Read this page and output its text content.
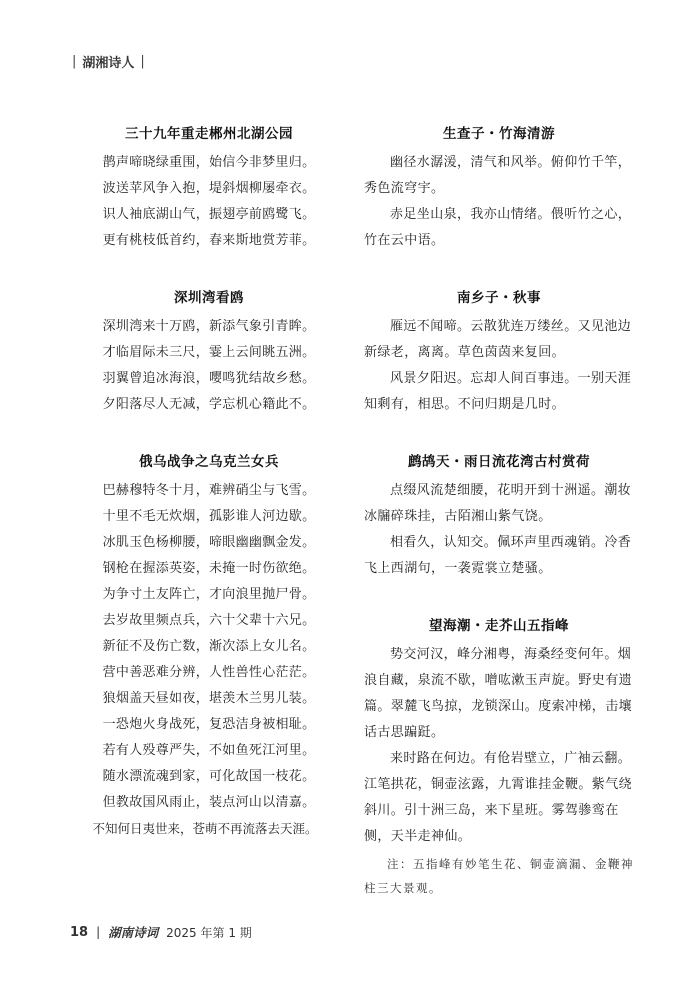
| 湖湘诗人 |
三十九年重走郴州北湖公园
鹊声啼晓绿重围，始信今非梦里归。
波送苹风争入抱，堤斜烟柳屡牵衣。
识人袖底湖山气，振翅亭前鸥鹭飞。
更有桃枝低首约，春来斯地赏芳菲。
深圳湾看鸥
深圳湾来十万鸥，新添气象引青眸。
才临眉际未三尺，霎上云间眺五洲。
羽翼曾追冰海浪，嘤鸣犹结故乡愁。
夕阳落尽人无减，学忘机心籍此不。
俄乌战争之乌克兰女兵
巴赫穆特冬十月，难辨硝尘与飞雪。
十里不毛无炊烟，孤影谁人河边歇。
冰肌玉色杨柳腰，啼眼幽幽飘金发。
钢枪在握添英姿，未掩一时伤欲绝。
为争寸土友阵亡，才向浪里抛尸骨。
去岁故里频点兵，六十父辈十六兄。
新征不及伤亡数，渐次添上女儿名。
营中善恶难分辨，人性兽性心茫茫。
狼烟盖天昼如夜，堪羡木兰男儿装。
一恐炮火身战死，复恐洁身被相耻。
若有人殁尊严失，不如鱼死江河里。
随水漂流魂到家，可化故国一枝花。
但教故国风雨止，装点河山以清嘉。
不知何日夷世来，苍萌不再流落去天涯。
生查子・竹海清游
幽径水潺湲，清气和风举。俯仰竹千竿，秀色流穹宇。
赤足坐山泉，我亦山情绪。偎听竹之心，竹在云中语。
南乡子・秋事
雁远不闻啼。云散犹连万缕丝。又见池边新绿老，离离。草色茵茵来复回。
风景夕阳迟。忘却人间百事违。一别天涯知剩有，相思。不问归期是几时。
鹧鸪天・雨日流花湾古村赏荷
点缀风流楚细腰，花明开到十洲遥。潮妆冰牖碎珠挂，古陌湘山紫气饶。
相看久，认知交。佩环声里西魂销。冷香飞上西湖句，一袭霓裳立楚骚。
望海潮・走芥山五指峰
势交河汉，峰分湘粤，海桑经变何年。烟浪自藏，泉流不歇，噌吰漱玉声旋。野史有遗篇。翠麓飞鸟掠，龙锁深山。度索冲梯，击壤话古思蹁跹。
来时路在何边。有伧岩壁立，广袖云翻。江笔拱花，铜壶泫露，九霄谁挂金鞭。紫气绕斜川。引十洲三岛，来下星班。雾驾骖鸾在侧，天半走神仙。
注：五指峰有妙笔生花、铜壶滴漏、金鞭神柱三大景观。
18 | 湖南诗词 2025 年第 1 期
